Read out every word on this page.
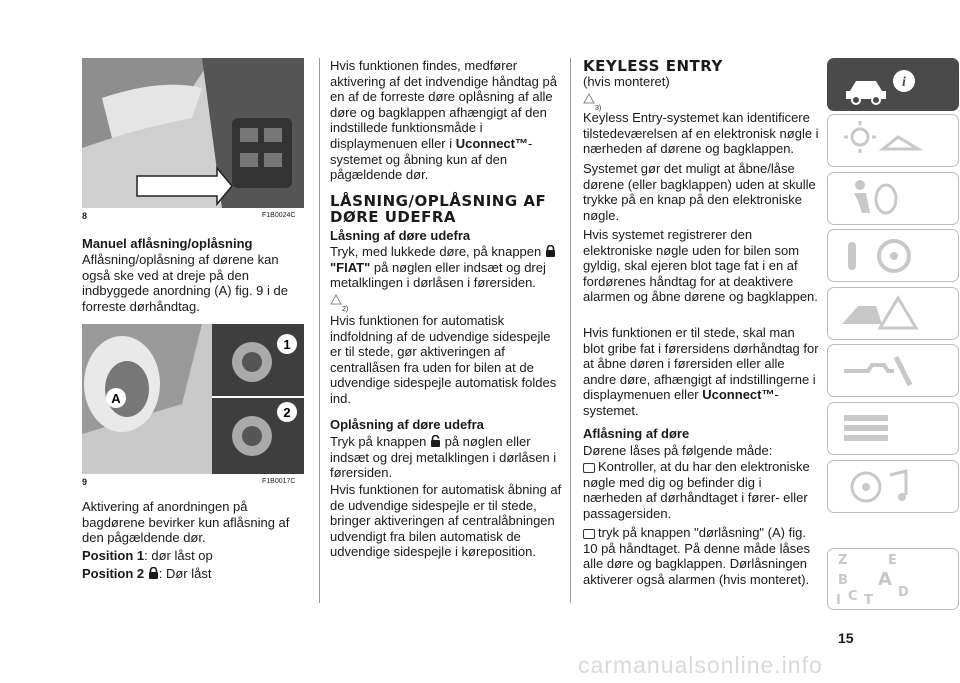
8	F1B0024C
Manuel aflåsning/oplåsning
Aflåsning/oplåsning af dørene kan også ske ved at dreje på den indbyggede anordning (A) fig. 9 i de forreste dørhåndtag.
1
2
A
9	F1B0017C
Aktivering af anordningen på bagdørene bevirker kun aflåsning af den pågældende dør.
Position 1: dør låst op
Position 2 : Dør låst
Hvis funktionen findes, medfører aktivering af det indvendige håndtag på en af de forreste døre oplåsning af alle døre og bagklappen afhængigt af den indstillede funktionsmåde i displaymenuen eller i Uconnect™-systemet og åbning kun af den pågældende dør.
LÅSNING/OPLÅSNING AF DØRE UDEFRA
Låsning af døre udefra
Tryk, med lukkede døre, på knappen  "FIAT" på nøglen eller indsæt og drej metalklingen i dørlåsen i førersiden.
$_{2)}$
Hvis funktionen for automatisk indfoldning af de udvendige sidespejle er til stede, gør aktiveringen af centrallåsen fra uden for bilen at de udvendige sidespejle automatisk foldes ind.
Oplåsning af døre udefra
Tryk på knappen på nøglen eller indsæt og drej metalklingen i dørlåsen i førersiden.
Hvis funktionen for automatisk åbning af de udvendige sidespejle er til stede, bringer aktiveringen af centralåbningen udvendigt fra bilen automatisk de udvendige sidespejle i køreposition.
KEYLESS ENTRY
(hvis monteret)
$_{3)}$
Keyless Entry-systemet kan identificere tilstedeværelsen af en elektronisk nøgle i nærheden af dørene og bagklappen.
Systemet gør det muligt at åbne/låse dørene (eller bagklappen) uden at skulle trykke på en knap på den elektroniske nøgle.
Hvis systemet registrerer den elektroniske nøgle uden for bilen som gyldig, skal ejeren blot tage fat i en af fordørenes håndtag for at deaktivere alarmen og åbne dørene og bagklappen.
Hvis funktionen er til stede, skal man blot gribe fat i førersidens dørhåndtag for at åbne døren i førersiden eller alle andre døre, afhængigt af indstillingerne i displaymenuen eller Uconnect™-systemet.
Aflåsning af døre
Dørene låses på følgende måde:
Kontroller, at du har den elektroniske nøgle med dig og befinder dig i nærheden af dørhåndtaget i fører- eller passagersiden.
tryk på knappen "dørlåsning" (A) fig. 10 på håndtaget. På denne måde låses alle døre og bagklappen. Dørlåsningen aktiverer også alarmen (hvis monteret).
i
Z	E
B A
C	D
I T
15
carmanualsonline.info
